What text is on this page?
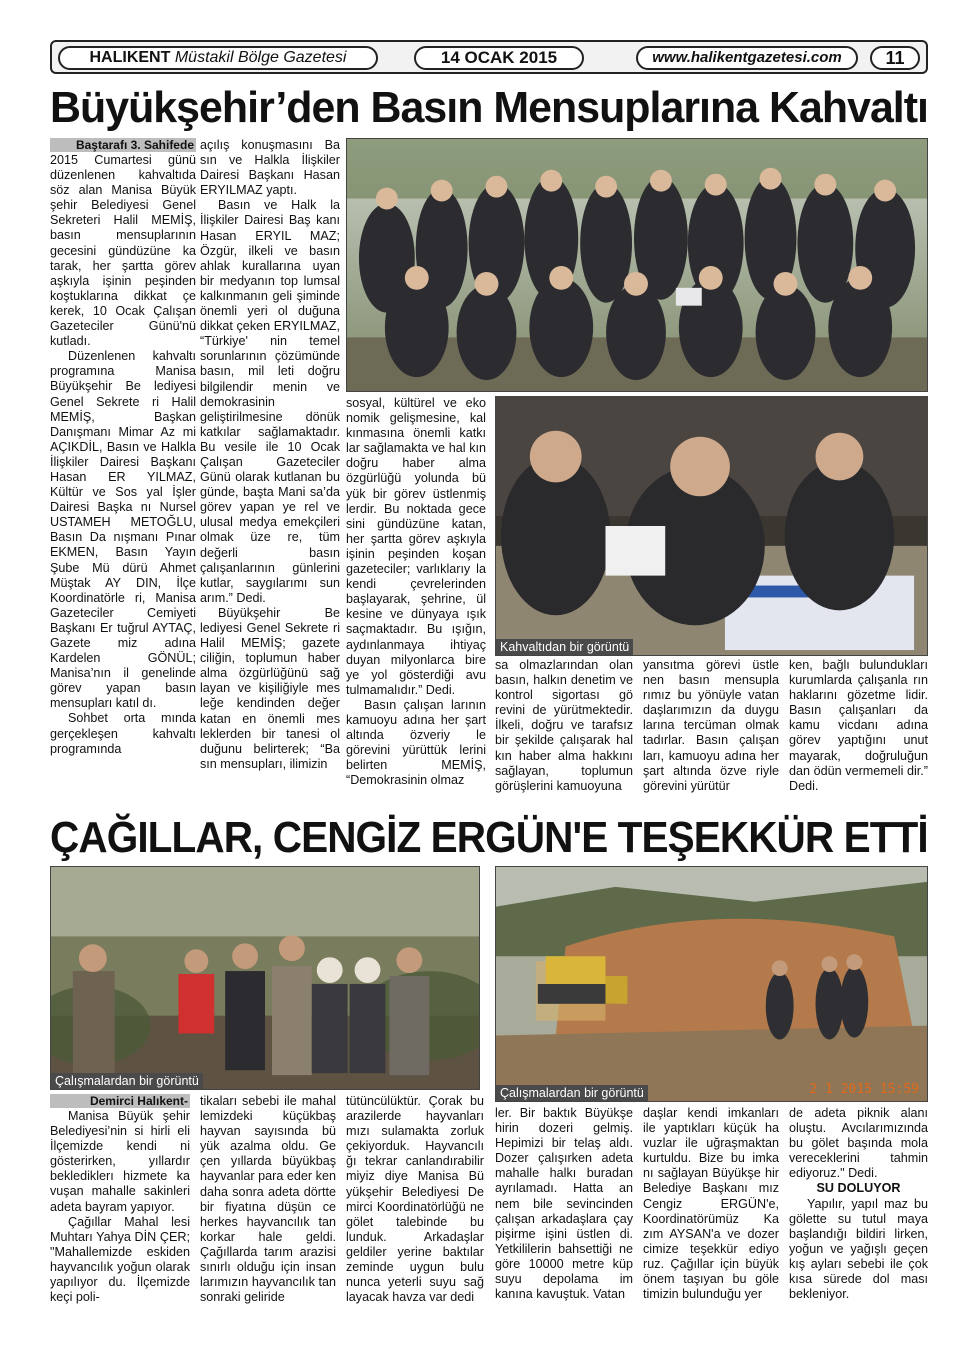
HALIKENT Müstakil Bölge Gazetesi	14 OCAK 2015	www.halikentgazetesi.com	11
Büyükşehir’den Basın Mensuplarına Kahvaltı
Baştarafı 3. Sahifede

2015 Cumartesi günü düzenlenen kahvaltıda söz alan Manisa Büyük şehir Belediyesi Genel Sekreteri Halil MEMİŞ, basın mensuplarının gecesini gündüzüne ka tarak, her şartta görev aşkıyla işinin peşinden koştuklarına dikkat çe kerek, 10 Ocak Çalışan Gazeteciler Günü'nü kutladı.

Düzenlenen kahvaltı programına Manisa Büyükşehir Be lediyesi Genel Sekrete ri Halil MEMİŞ, Başkan Danışmanı Mimar Az mi AÇIKDİL, Basın ve Halkla İlişkiler Dairesi Başkanı Hasan ER YILMAZ, Kültür ve Sos yal İşler Dairesi Başka nı Nursel USTAMEH METOĞLU, Basın Da nışmanı Pınar EKMEN, Basın Yayın Şube Mü dürü Ahmet Müştak AY DIN, İlçe Koordinatörle ri, Manisa Gazeteciler Cemiyeti Başkanı Er tuğrul AYTAÇ, Gazete miz adına Kardelen GÖNÜL; Manisa’nın il genelinde görev yapan basın mensupları katıl dı.

Sohbet orta mında gerçekleşen kahvaltı programında

açılış konuşmasını Ba sın ve Halkla İlişkiler Dairesi Başkanı Hasan ERYILMAZ yaptı.

Basın ve Halk la İlişkiler Dairesi Baş kanı Hasan ERYIL MAZ; Özgür, ilkeli ve basın ahlak kurallarına uyan bir medyanın top lumsal kalkınmanın geli şiminde önemli yeri ol duğuna dikkat çeken ERYILMAZ, “Türkiye' nin temel sorunlarının çözümünde basın, mil leti doğru bilgilendir menin ve demokrasinin geliştirilmesine dönük katkılar sağlamaktadır. Bu vesile ile 10 Ocak Çalışan Gazeteciler Günü olarak kutlanan bu günde, başta Mani sa’da görev yapan ye rel ve ulusal medya emekçileri olmak üze re, tüm değerli basın çalışanlarının günlerini kutlar, saygılarımı sun arım.” Dedi.

Büyükşehir Be lediyesi Genel Sekrete ri Halil MEMİŞ; gazete ciliğin, toplumun haber alma özgürlüğünü sağ layan ve kişiliğiyle mes leğe kendinden değer katan en önemli mes leklerden bir tanesi ol duğunu belirterek; “Ba sın mensupları, ilimizin

sosyal, kültürel ve eko nomik gelişmesine, kal kınmasına önemli katkı lar sağlamakta ve hal kın doğru haber alma özgürlüğü yolunda bü yük bir görev üstlenmiş lerdir. Bu noktada gece sini gündüzüne katan, her şartta görev aşkıyla işinin peşinden koşan gazeteciler; varlıklarıy la kendi çevrelerinden başlayarak, şehrine, ül kesine ve dünyaya ışık saçmaktadır. Bu ışığın, aydınlanmaya ihtiyaç duyan milyonlarca bire ye yol gösterdiği avu tulmamalıdır.” Dedi.

Basın çalışan larının kamuoyu adına her şart altında özveriy le görevini yürüttük lerini belirten MEMİŞ, “Demokrasinin olmaz

Kahvaltıdan bir görüntü

sa olmazlarından olan basın, halkın denetim ve kontrol sigortası gö revini de yürütmektedir. İlkeli, doğru ve tarafsız bir şekilde çalışarak hal kın haber alma hakkını sağlayan, toplumun görüşlerini kamuoyuna

yansıtma görevi üstle nen basın mensupla rımız bu yönüyle vatan daşlarımızın da duygu larına tercüman olmak tadırlar. Basın çalışan ları, kamuoyu adına her şart altında özve riyle görevini yürütür

ken, bağlı bulundukları kurumlarda çalışanla rın haklarını gözetme lidir. Basın çalışanları da kamu vicdanı adına görev yaptığını unut mayarak, doğruluğun dan ödün vermemeli dir.” Dedi.

ÇAĞILLAR, CENGİZ ERGÜN'E TEŞEKKÜR ETTİ
Çalışmalardan bir görüntü
Çalışmalardan bir görüntü	2 1 2015 15:59
Demirci Halıkent-

Manisa Büyük şehir Belediyesi’nin si hirli eli İlçemizde kendi ni gösterirken, yıllardır beklediklerı hizmete ka vuşan mahalle sakinleri adeta bayram yapıyor.

Çağıllar Mahal lesi Muhtarı Yahya DİN ÇER; "Mahallemizde eskiden hayvancılık yoğun olarak yapılıyor du. İlçemizde keçi poli-

tikaları sebebi ile mahal lemizdeki küçükbaş hayvan sayısında bü yük azalma oldu. Ge çen yıllarda büyükbaş hayvanlar para eder ken daha sonra adeta dörtte bir fiyatına düşün ce herkes hayvancılık tan korkar hale geldi. Çağıllarda tarım arazisi sınırlı olduğu için insan larımızın hayvancılık tan sonraki geliride

tütüncülüktür. Çorak bu arazilerde hayvanları mızı sulamakta zorluk çekiyorduk. Hayvancılı ğı tekrar canlandırabilir miyiz diye Manisa Bü yükşehir Belediyesi De mirci Koordinatörlüğü ne gölet talebinde bu lunduk. Arkadaşlar geldiler yerine baktılar zeminde uygun bulu nunca yeterli suyu sağ layacak havza var dedi

ler. Bir baktık Büyükşe hirin dozeri gelmiş. Hepimizi bir telaş aldı. Dozer çalışırken adeta mahalle halkı buradan ayrılamadı. Hatta an nem bile sevincinden çalışan arkadaşlara çay pişirme işini üstlen di. Yetkililerin bahsettiği ne göre 10000 metre küp suyu depolama im kanına kavuştuk. Vatan

daşlar kendi imkanları ile yaptıkları küçük ha vuzlar ile uğraşmaktan kurtuldu. Bize bu imka nı sağlayan Büyükşe hir Belediye Başkanı mız Cengiz ERGÜN'e, Koordinatörümüz Ka zım AYSAN'a ve dozer cimize teşekkür ediyo ruz. Çağıllar için büyük önem taşıyan bu göle timizin bulunduğu yer

de adeta piknik alanı oluştu. Avcılarımızında bu gölet başında mola vereceklerini tahmin ediyoruz." Dedi.

SU DOLUYOR

Yapılır, yapıl maz bu gölette su tutul maya başlandığı bildiri lirken, yoğun ve yağışlı geçen kış ayları sebebi ile çok kısa sürede dol ması bekleniyor.
